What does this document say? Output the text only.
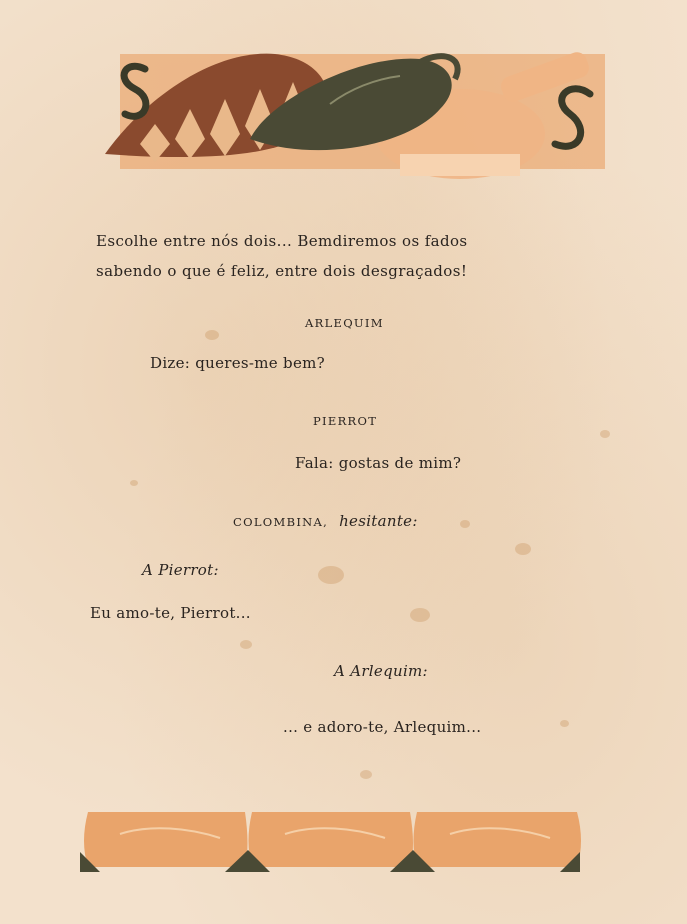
Escolhe entre nós dois... Bemdiremos os fados
sabendo o que é feliz, entre dois desgraçados!
ARLEQUIM
Dize: queres-me bem?
PIERROT
Fala: gostas de mim?
COLOMBINA, hesitante:
A Pierrot:
Eu amo-te, Pierrot...
A Arlequim:
... e adoro-te, Arlequim...
